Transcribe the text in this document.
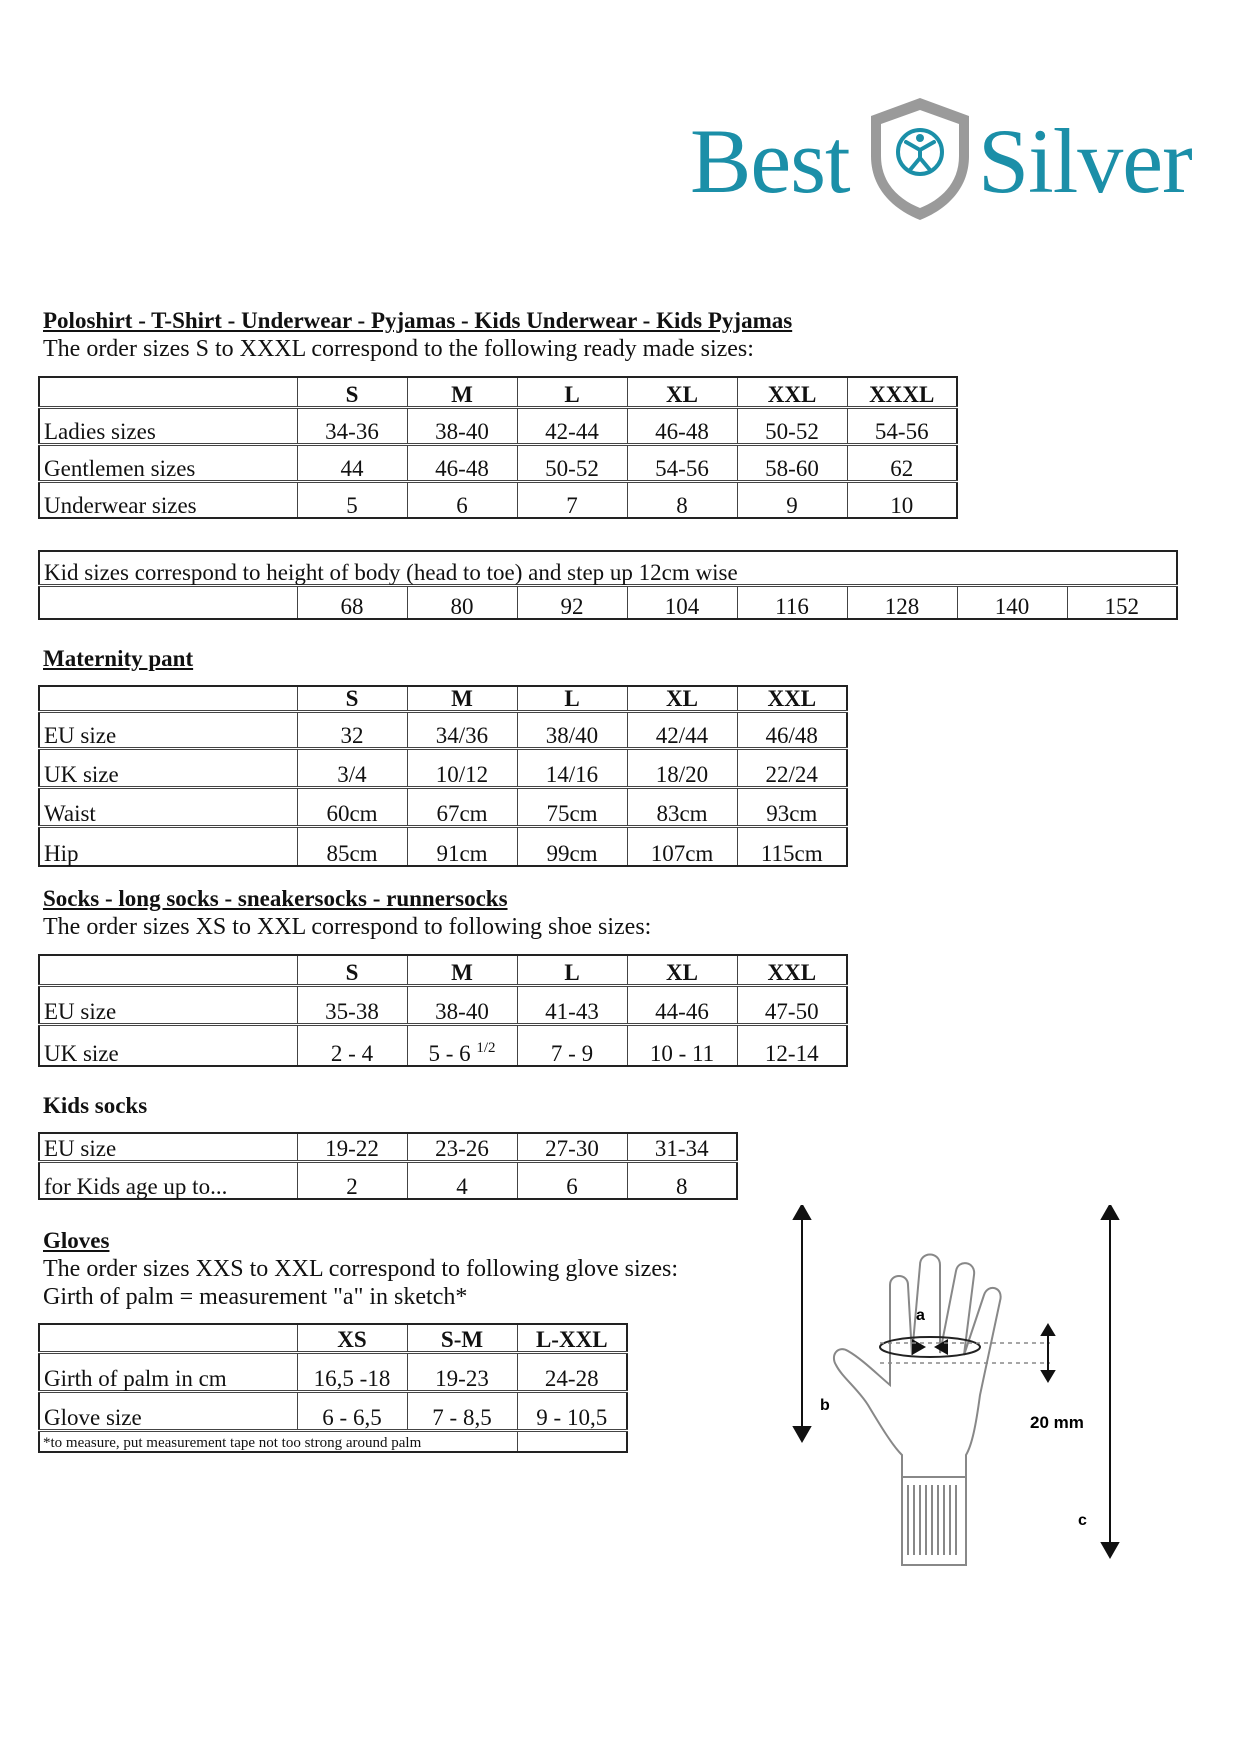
Best Silver
Poloshirt - T-Shirt - Underwear - Pyjamas - Kids Underwear - Kids Pyjamas
The order sizes S to XXXL correspond to the following ready made sizes:
	S	M	L	XL	XXL	XXXL
Ladies sizes	34-36	38-40	42-44	46-48	50-52	54-56
Gentlemen sizes	44	46-48	50-52	54-56	58-60	62
Underwear sizes	5	6	7	8	9	10
Kid sizes correspond to height of body (head to toe) and step up 12cm wise
	68	80	92	104	116	128	140	152
Maternity pant
	S	M	L	XL	XXL
EU size	32	34/36	38/40	42/44	46/48
UK size	3/4	10/12	14/16	18/20	22/24
Waist	60cm	67cm	75cm	83cm	93cm
Hip	85cm	91cm	99cm	107cm	115cm
Socks - long socks - sneakersocks - runnersocks
The order sizes XS to XXL correspond to following shoe sizes:
	S	M	L	XL	XXL
EU size	35-38	38-40	41-43	44-46	47-50
UK size	2 - 4	5 - 6 $^{1/2}$	7 - 9	10 - 11	12-14
Kids socks
EU size	19-22	23-26	27-30	31-34
for Kids age up to...	2	4	6	8
Gloves
The order sizes XXS to XXL correspond to following glove sizes:
Girth of palm = measurement "a" in sketch*
	XS	S-M	L-XXL
Girth of palm in cm	16,5 -18	19-23	24-28
Glove size	6 - 6,5	7 - 8,5	9 - 10,5
*to measure, put measurement tape not too strong around palm			
a
b
c
20 mm
